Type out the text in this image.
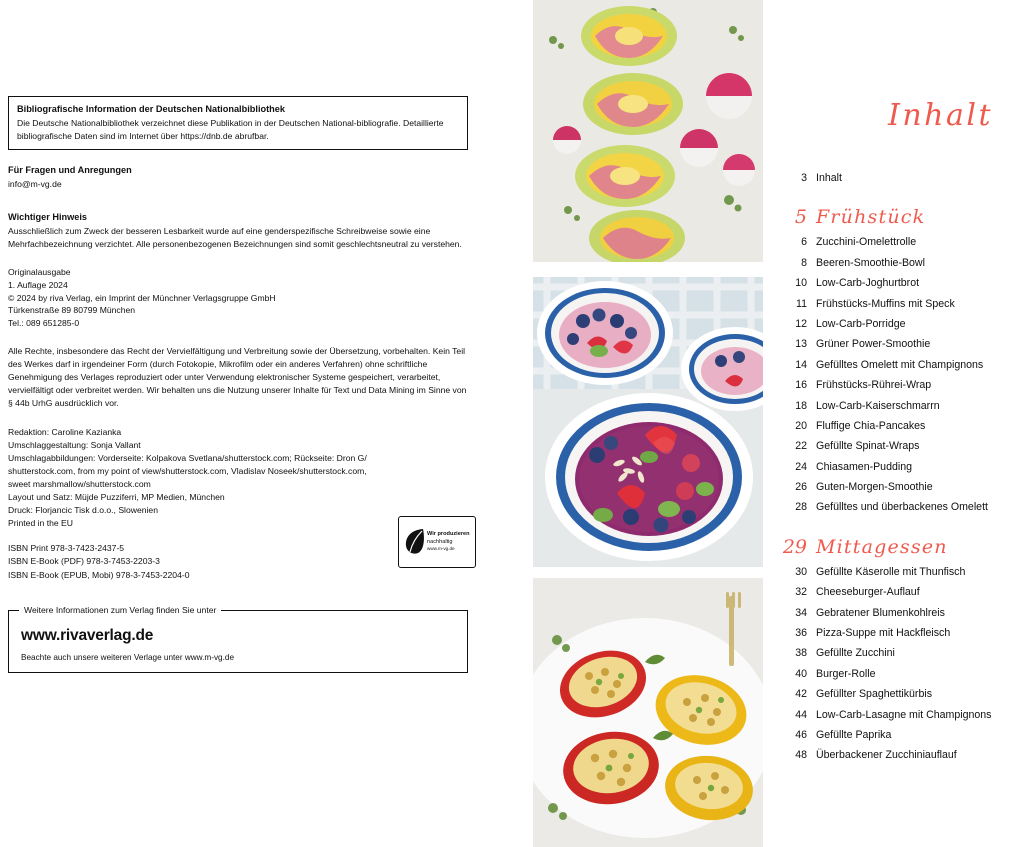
Bibliografische Information der Deutschen Nationalbibliothek
Die Deutsche Nationalbibliothek verzeichnet diese Publikation in der Deutschen National-bibliografie. Detaillierte bibliografische Daten sind im Internet über https://dnb.de abrufbar.
Für Fragen und Anregungen
info@m-vg.de
Wichtiger Hinweis
Ausschließlich zum Zweck der besseren Lesbarkeit wurde auf eine genderspezifische Schreibweise sowie eine Mehrfachbezeichnung verzichtet. Alle personenbezogenen Bezeichnungen sind somit geschlechtsneutral zu verstehen.
Originalausgabe
1. Auflage 2024
© 2024 by riva Verlag, ein Imprint der Münchner Verlagsgruppe GmbH
Türkenstraße 89 80799 München
Tel.: 089 651285-0
Alle Rechte, insbesondere das Recht der Vervielfältigung und Verbreitung sowie der Übersetzung, vorbehalten. Kein Teil des Werkes darf in irgendeiner Form (durch Fotokopie, Mikrofilm oder ein anderes Verfahren) ohne schriftliche Genehmigung des Verlages reproduziert oder unter Verwendung elektronischer Systeme gespeichert, verarbeitet, vervielfältigt oder verbreitet werden. Wir behalten uns die Nutzung unserer Inhalte für Text und Data Mining im Sinne von § 44b UrhG ausdrücklich vor.
Redaktion: Caroline Kazianka
Umschlaggestaltung: Sonja Vallant
Umschlagabbildungen: Vorderseite: Kolpakova Svetlana/shutterstock.com; Rückseite: Dron G/
shutterstock.com, from my point of view/shutterstock.com, Vladislav Noseek/shutterstock.com,
sweet marshmallow/shutterstock.com
Layout und Satz: Müjde Puzziferri, MP Medien, München
Druck: Florjancic Tisk d.o.o., Slowenien
Printed in the EU
ISBN Print 978-3-7423-2437-5
ISBN E-Book (PDF) 978-3-7453-2203-3
ISBN E-Book (EPUB, Mobi) 978-3-7453-2204-0
Weitere Informationen zum Verlag finden Sie unter
www.rivaverlag.de
Beachte auch unsere weiteren Verlage unter www.m-vg.de
Wir produzieren
nachhaltig
www.m-vg.de
Inhalt
3 Inhalt
5 Frühstück
6 Zucchini-Omelettrolle
8 Beeren-Smoothie-Bowl
10 Low-Carb-Joghurtbrot
11 Frühstücks-Muffins mit Speck
12 Low-Carb-Porridge
13 Grüner Power-Smoothie
14 Gefülltes Omelett mit Champignons
16 Frühstücks-Rührei-Wrap
18 Low-Carb-Kaiserschmarrn
20 Fluffige Chia-Pancakes
22 Gefüllte Spinat-Wraps
24 Chiasamen-Pudding
26 Guten-Morgen-Smoothie
28 Gefülltes und überbackenes Omelett
29 Mittagessen
30 Gefüllte Käserolle mit Thunfisch
32 Cheeseburger-Auflauf
34 Gebratener Blumenkohlreis
36 Pizza-Suppe mit Hackfleisch
38 Gefüllte Zucchini
40 Burger-Rolle
42 Gefüllter Spaghettikürbis
44 Low-Carb-Lasagne mit Champignons
46 Gefüllte Paprika
48 Überbackener Zucchiniauflauf
